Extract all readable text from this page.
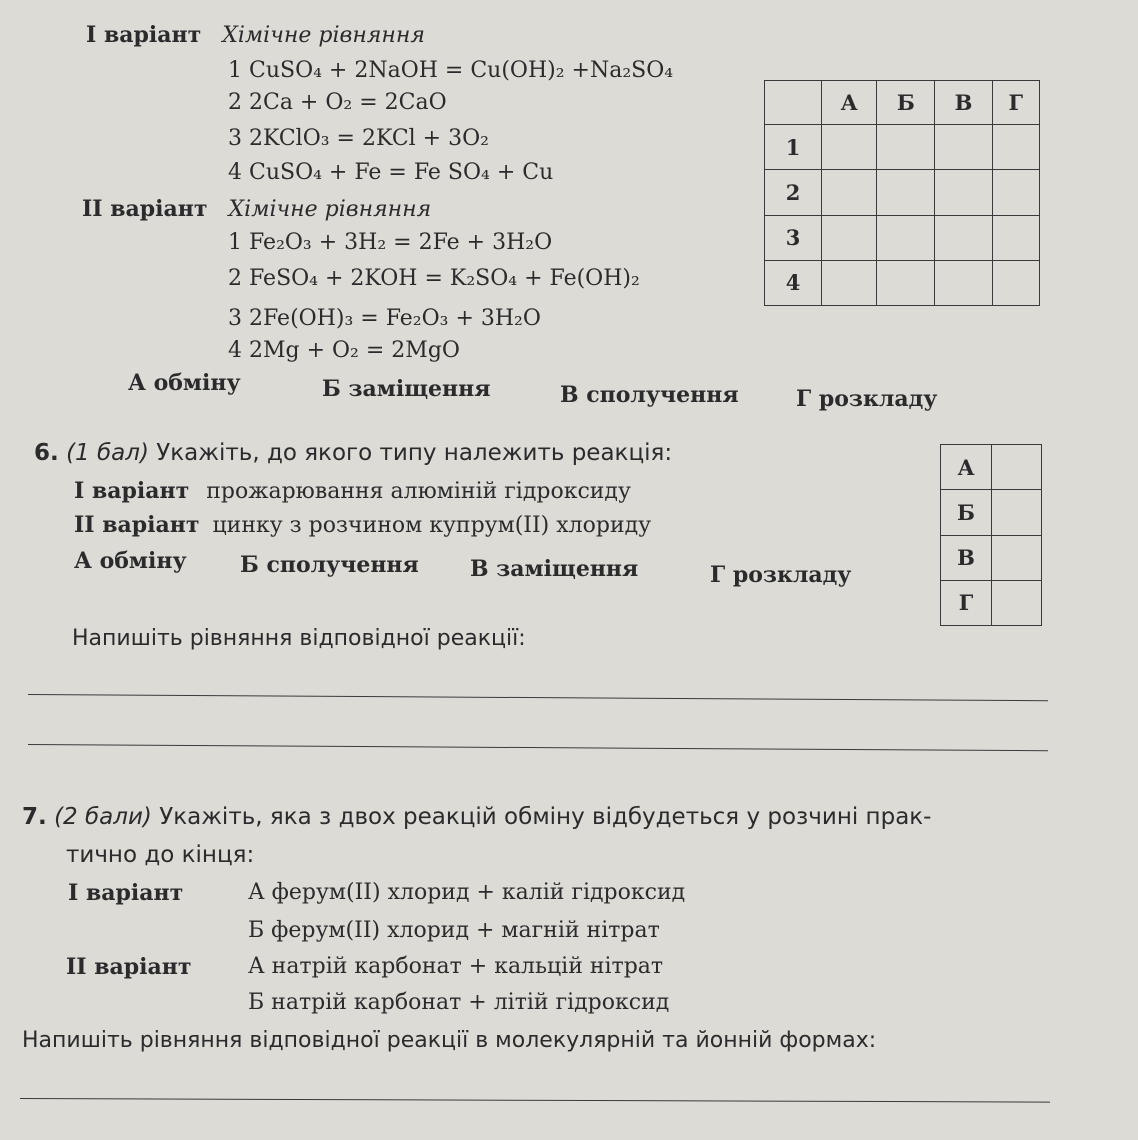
I варіант Хімічне рівняння
1 CuSO₄ + 2NaOH = Cu(OH)₂ +Na₂SO₄
2 2Ca + O₂ = 2CaO
3 2KClO₃ = 2KCl + 3O₂
4 CuSO₄ + Fe = Fe SO₄ + Cu
II варіант Хімічне рівняння
1 Fe₂O₃ + 3H₂ = 2Fe + 3H₂O
2 FeSO₄ + 2KOH = K₂SO₄ + Fe(OH)₂
3 2Fe(OH)₃ = Fe₂O₃ + 3H₂O
4 2Mg + O₂ = 2MgO
А обміну	Б заміщення	В сполучення	Г розкладу
	А	Б	В	Г
1				
2				
3				
4				
6. (1 бал) Укажіть, до якого типу належить реакція:
I варіант прожарювання алюміній гідроксиду
II варіант цинку з розчином купрум(II) хлориду
А обміну Б сполучення В заміщення	Г розкладу
А	
Б	
В	
Г	
Напишіть рівняння відповідної реакції:
7. (2 бали) Укажіть, яка з двох реакцій обміну відбудеться у розчині прак-
тично до кінця:
I варіант	А ферум(II) хлорид + калій гідроксид
Б ферум(II) хлорид + магній нітрат
II варіант	А натрій карбонат + кальцій нітрат
Б натрій карбонат + літій гідроксид
Напишіть рівняння відповідної реакції в молекулярній та йонній формах:
